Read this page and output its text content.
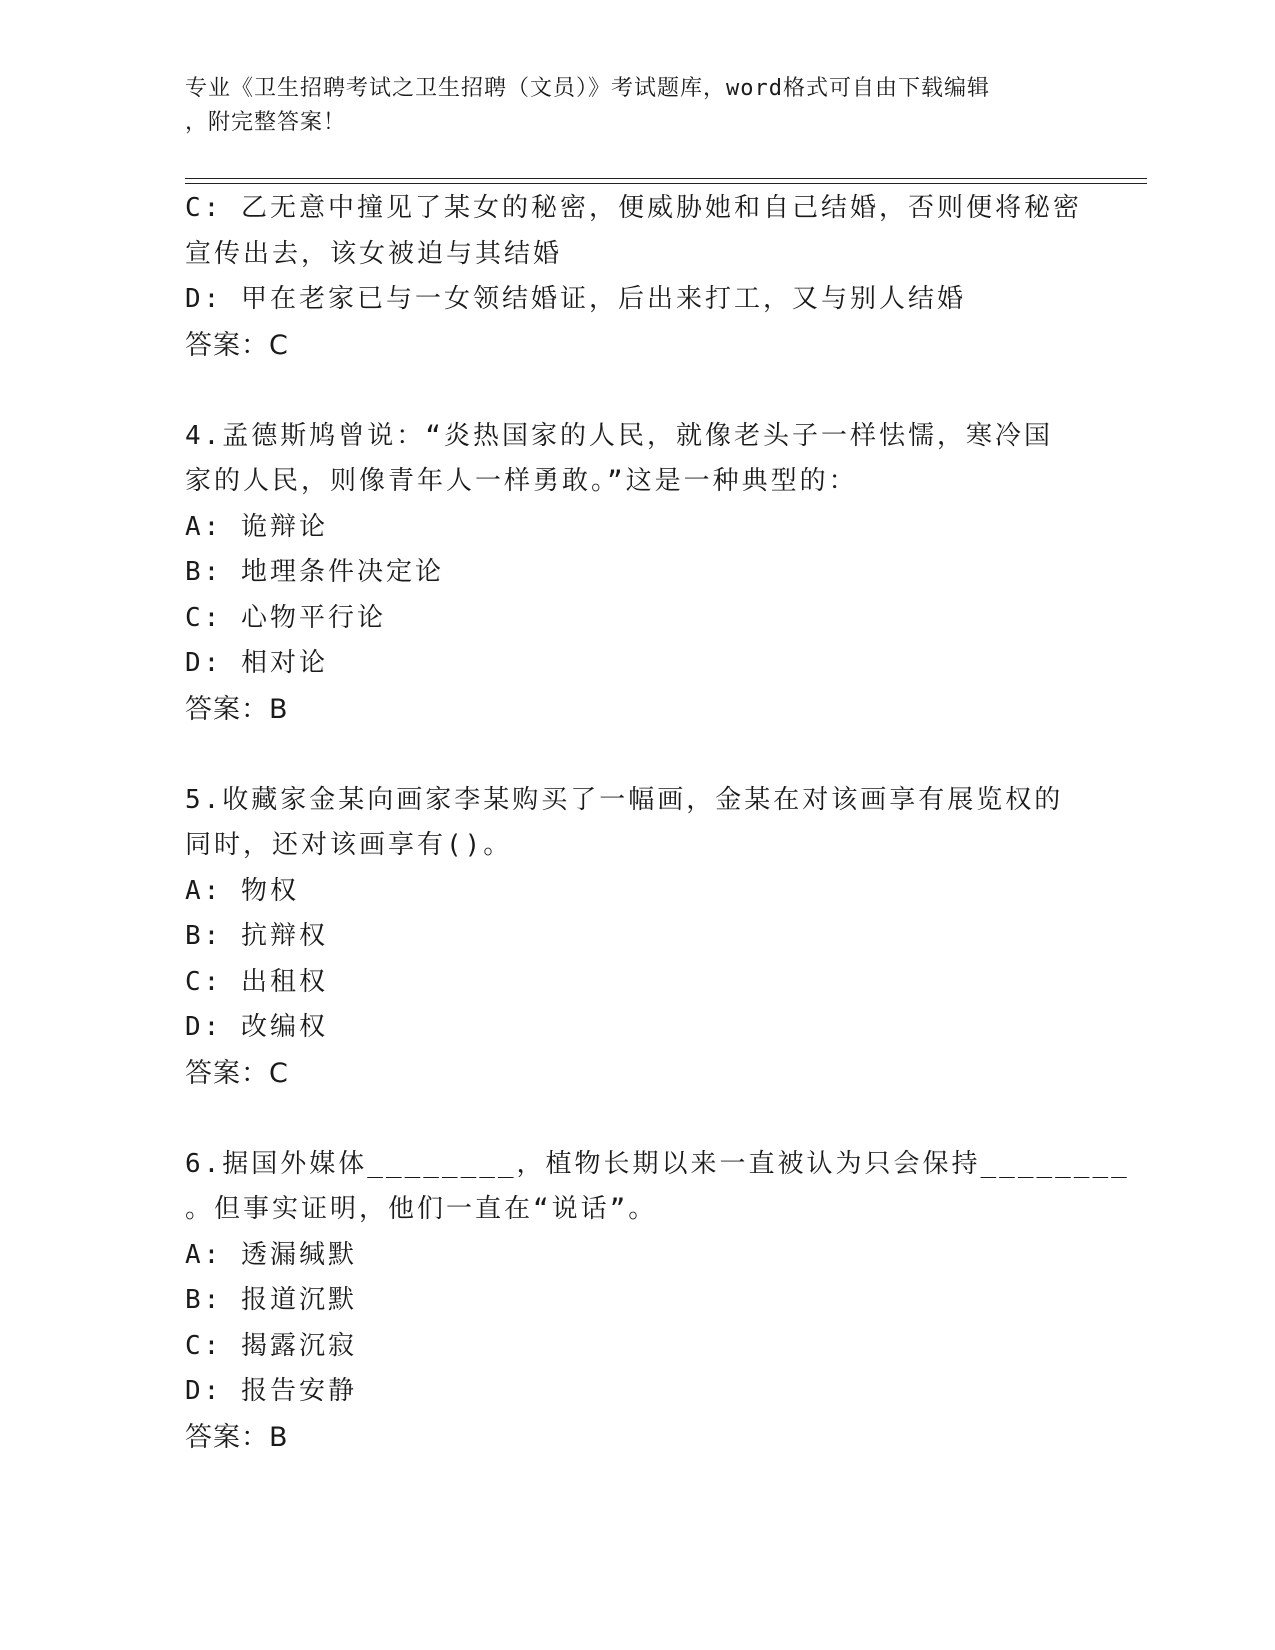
专业《卫生招聘考试之卫生招聘（文员）》考试题库，word格式可自由下载编辑
，附完整答案！
C: 乙无意中撞见了某女的秘密，便威胁她和自己结婚，否则便将秘密
宣传出去，该女被迫与其结婚
D: 甲在老家已与一女领结婚证，后出来打工，又与别人结婚
答案：C
4.孟德斯鸠曾说：“炎热国家的人民，就像老头子一样怯懦，寒冷国
家的人民，则像青年人一样勇敢。”这是一种典型的：
A: 诡辩论
B: 地理条件决定论
C: 心物平行论
D: 相对论
答案：B
5.收藏家金某向画家李某购买了一幅画，金某在对该画享有展览权的
同时，还对该画享有()。
A: 物权
B: 抗辩权
C: 出租权
D: 改编权
答案：C
6.据国外媒体________，植物长期以来一直被认为只会保持________
。但事实证明，他们一直在“说话”。
A: 透漏缄默
B: 报道沉默
C: 揭露沉寂
D: 报告安静
答案：B
